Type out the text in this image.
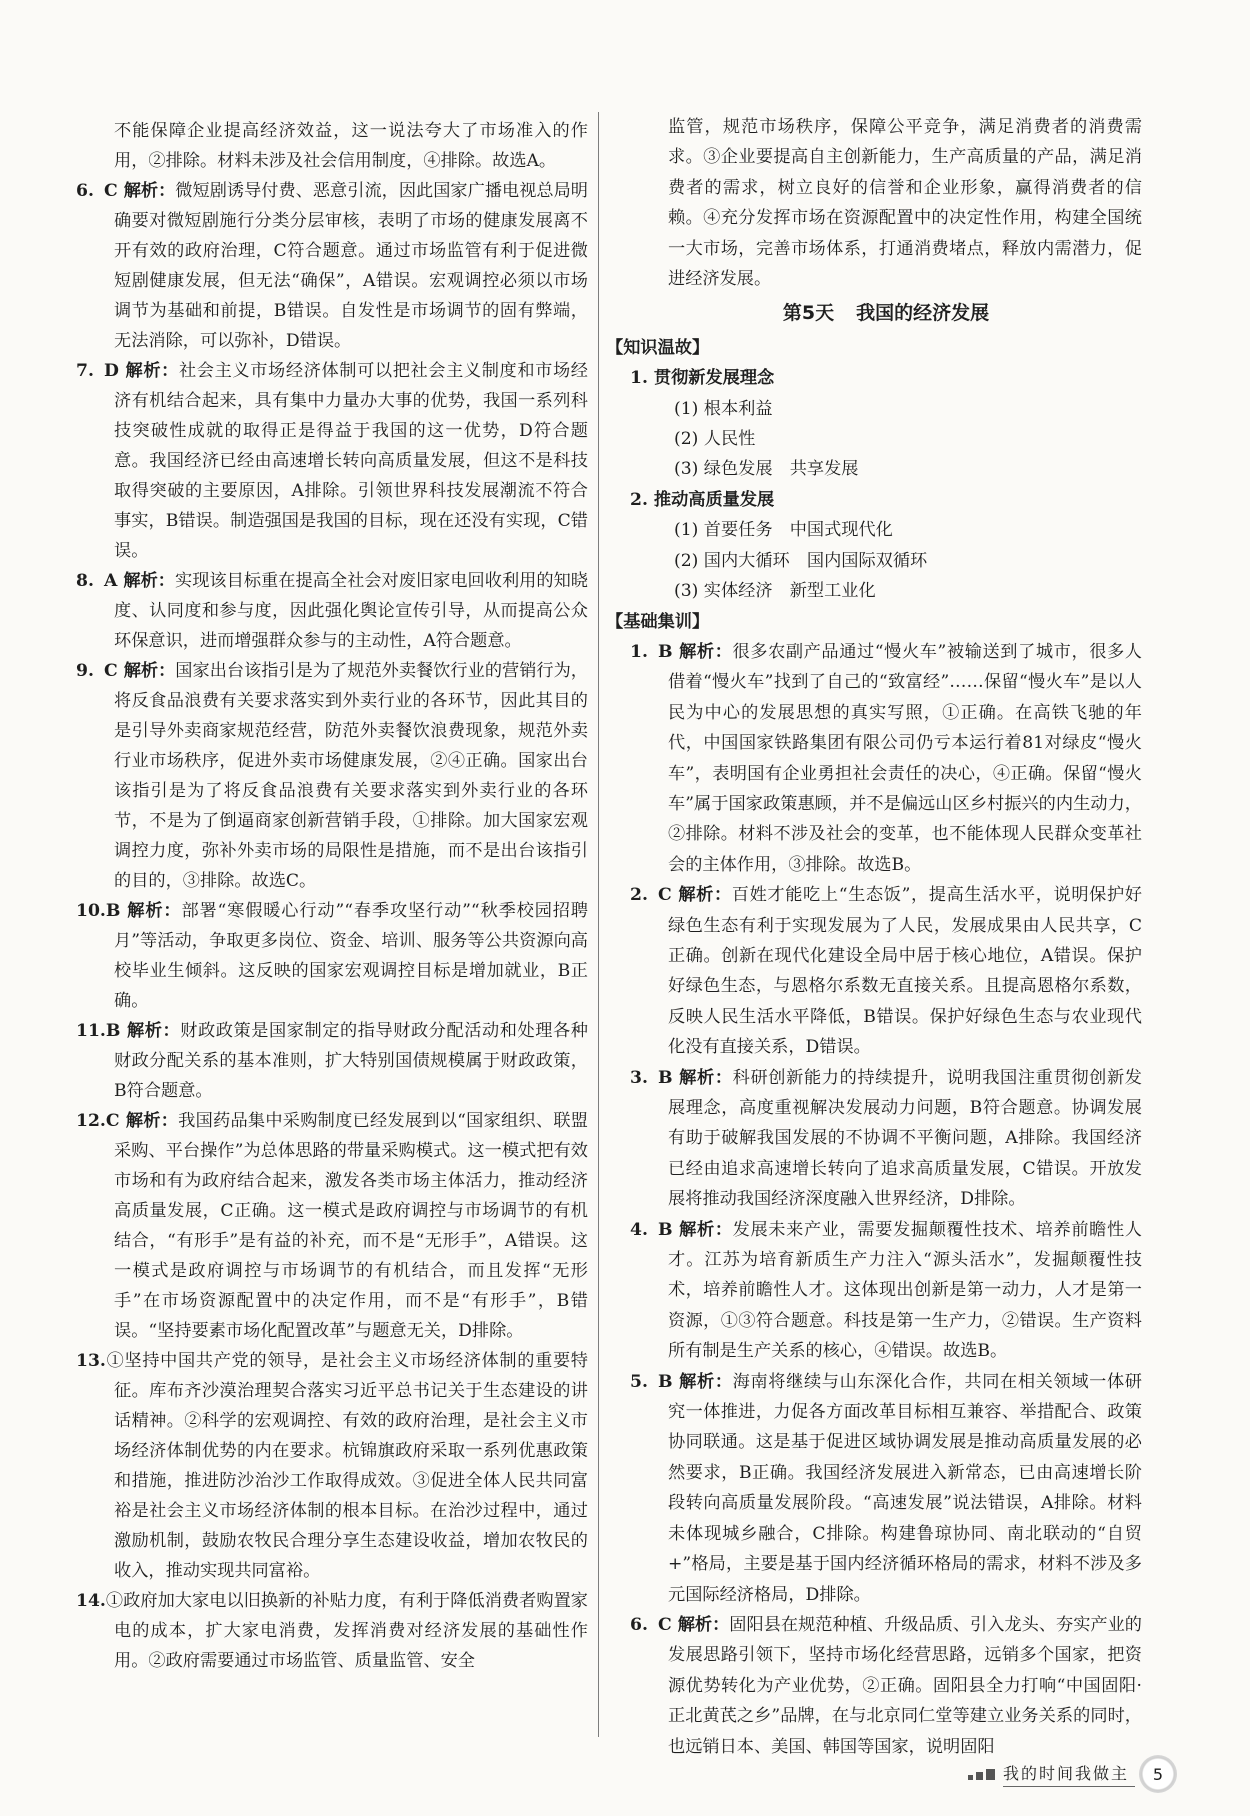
不能保障企业提高经济效益，这一说法夸大了市场准入的作用，②排除。材料未涉及社会信用制度，④排除。故选A。

6. C 解析：微短剧诱导付费、恶意引流，因此国家广播电视总局明确要对微短剧施行分类分层审核，表明了市场的健康发展离不开有效的政府治理，C符合题意。通过市场监管有利于促进微短剧健康发展，但无法“确保”，A错误。宏观调控必须以市场调节为基础和前提，B错误。自发性是市场调节的固有弊端，无法消除，可以弥补，D错误。
7. D 解析：社会主义市场经济体制可以把社会主义制度和市场经济有机结合起来，具有集中力量办大事的优势，我国一系列科技突破性成就的取得正是得益于我国的这一优势，D符合题意。我国经济已经由高速增长转向高质量发展，但这不是科技取得突破的主要原因，A排除。引领世界科技发展潮流不符合事实，B错误。制造强国是我国的目标，现在还没有实现，C错误。
8. A 解析：实现该目标重在提高全社会对废旧家电回收利用的知晓度、认同度和参与度，因此强化舆论宣传引导，从而提高公众环保意识，进而增强群众参与的主动性，A符合题意。
9. C 解析：国家出台该指引是为了规范外卖餐饮行业的营销行为，将反食品浪费有关要求落实到外卖行业的各环节，因此其目的是引导外卖商家规范经营，防范外卖餐饮浪费现象，规范外卖行业市场秩序，促进外卖市场健康发展，②④正确。国家出台该指引是为了将反食品浪费有关要求落实到外卖行业的各环节，不是为了倒逼商家创新营销手段，①排除。加大国家宏观调控力度，弥补外卖市场的局限性是措施，而不是出台该指引的目的，③排除。故选C。
10.B 解析：部署“寒假暖心行动”“春季攻坚行动”“秋季校园招聘月”等活动，争取更多岗位、资金、培训、服务等公共资源向高校毕业生倾斜。这反映的国家宏观调控目标是增加就业，B正确。
11.B 解析：财政政策是国家制定的指导财政分配活动和处理各种财政分配关系的基本准则，扩大特别国债规模属于财政政策，B符合题意。
12.C 解析：我国药品集中采购制度已经发展到以“国家组织、联盟采购、平台操作”为总体思路的带量采购模式。这一模式把有效市场和有为政府结合起来，激发各类市场主体活力，推动经济高质量发展，C正确。这一模式是政府调控与市场调节的有机结合，“有形手”是有益的补充，而不是“无形手”，A错误。这一模式是政府调控与市场调节的有机结合，而且发挥“无形手”在市场资源配置中的决定作用，而不是“有形手”，B错误。“坚持要素市场化配置改革”与题意无关，D排除。
13.①坚持中国共产党的领导，是社会主义市场经济体制的重要特征。库布齐沙漠治理契合落实习近平总书记关于生态建设的讲话精神。②科学的宏观调控、有效的政府治理，是社会主义市场经济体制优势的内在要求。杭锦旗政府采取一系列优惠政策和措施，推进防沙治沙工作取得成效。③促进全体人民共同富裕是社会主义市场经济体制的根本目标。在治沙过程中，通过激励机制，鼓励农牧民合理分享生态建设收益，增加农牧民的收入，推动实现共同富裕。
14.①政府加大家电以旧换新的补贴力度，有利于降低消费者购置家电的成本，扩大家电消费，发挥消费对经济发展的基础性作用。②政府需要通过市场监管、质量监管、安全

监管，规范市场秩序，保障公平竞争，满足消费者的消费需求。③企业要提高自主创新能力，生产高质量的产品，满足消费者的需求，树立良好的信誉和企业形象，赢得消费者的信赖。④充分发挥市场在资源配置中的决定性作用，构建全国统一大市场，完善市场体系，打通消费堵点，释放内需潜力，促进经济发展。

第5天 我国的经济发展
【知识温故】
1. 贯彻新发展理念
(1) 根本利益
(2) 人民性
(3) 绿色发展　共享发展
2. 推动高质量发展
(1) 首要任务　中国式现代化
(2) 国内大循环　国内国际双循环
(3) 实体经济　新型工业化
【基础集训】
1. B 解析：很多农副产品通过“慢火车”被输送到了城市，很多人借着“慢火车”找到了自己的“致富经”……保留“慢火车”是以人民为中心的发展思想的真实写照，①正确。在高铁飞驰的年代，中国国家铁路集团有限公司仍亏本运行着81对绿皮“慢火车”，表明国有企业勇担社会责任的决心，④正确。保留“慢火车”属于国家政策惠顾，并不是偏远山区乡村振兴的内生动力，②排除。材料不涉及社会的变革，也不能体现人民群众变革社会的主体作用，③排除。故选B。
2. C 解析：百姓才能吃上“生态饭”，提高生活水平，说明保护好绿色生态有利于实现发展为了人民，发展成果由人民共享，C正确。创新在现代化建设全局中居于核心地位，A错误。保护好绿色生态，与恩格尔系数无直接关系。且提高恩格尔系数，反映人民生活水平降低，B错误。保护好绿色生态与农业现代化没有直接关系，D错误。
3. B 解析：科研创新能力的持续提升，说明我国注重贯彻创新发展理念，高度重视解决发展动力问题，B符合题意。协调发展有助于破解我国发展的不协调不平衡问题，A排除。我国经济已经由追求高速增长转向了追求高质量发展，C错误。开放发展将推动我国经济深度融入世界经济，D排除。
4. B 解析：发展未来产业，需要发掘颠覆性技术、培养前瞻性人才。江苏为培育新质生产力注入“源头活水”，发掘颠覆性技术，培养前瞻性人才。这体现出创新是第一动力，人才是第一资源，①③符合题意。科技是第一生产力，②错误。生产资料所有制是生产关系的核心，④错误。故选B。
5. B 解析：海南将继续与山东深化合作，共同在相关领域一体研究一体推进，力促各方面改革目标相互兼容、举措配合、政策协同联通。这是基于促进区域协调发展是推动高质量发展的必然要求，B正确。我国经济发展进入新常态，已由高速增长阶段转向高质量发展阶段。“高速发展”说法错误，A排除。材料未体现城乡融合，C排除。构建鲁琼协同、南北联动的“自贸+”格局，主要是基于国内经济循环格局的需求，材料不涉及多元国际经济格局，D排除。
6. C 解析：固阳县在规范种植、升级品质、引入龙头、夯实产业的发展思路引领下，坚持市场化经营思路，远销多个国家，把资源优势转化为产业优势，②正确。固阳县全力打响“中国固阳·正北黄芪之乡”品牌，在与北京同仁堂等建立业务关系的同时，也远销日本、美国、韩国等国家，说明固阳
我的时间我做主	5
